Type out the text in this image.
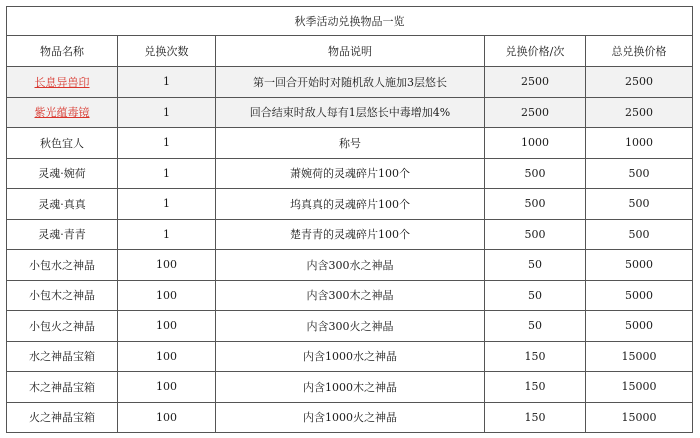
秋季活动兑换物品一览				
物品名称	兑换次数	物品说明	兑换价格/次	总兑换价格
长息异兽印	1	第一回合开始时对随机敌人施加3层悠长	2500	2500
紫光蕴毒镜	1	回合结束时敌人每有1层悠长中毒增加4%	2500	2500
秋色宜人	1	称号	1000	1000
灵魂·婉荷	1	萧婉荷的灵魂碎片100个	500	500
灵魂·真真	1	坞真真的灵魂碎片100个	500	500
灵魂·青青	1	楚青青的灵魂碎片100个	500	500
小包水之神晶	100	内含300水之神晶	50	5000
小包木之神晶	100	内含300木之神晶	50	5000
小包火之神晶	100	内含300火之神晶	50	5000
水之神晶宝箱	100	内含1000水之神晶	150	15000
木之神晶宝箱	100	内含1000木之神晶	150	15000
火之神晶宝箱	100	内含1000火之神晶	150	15000
